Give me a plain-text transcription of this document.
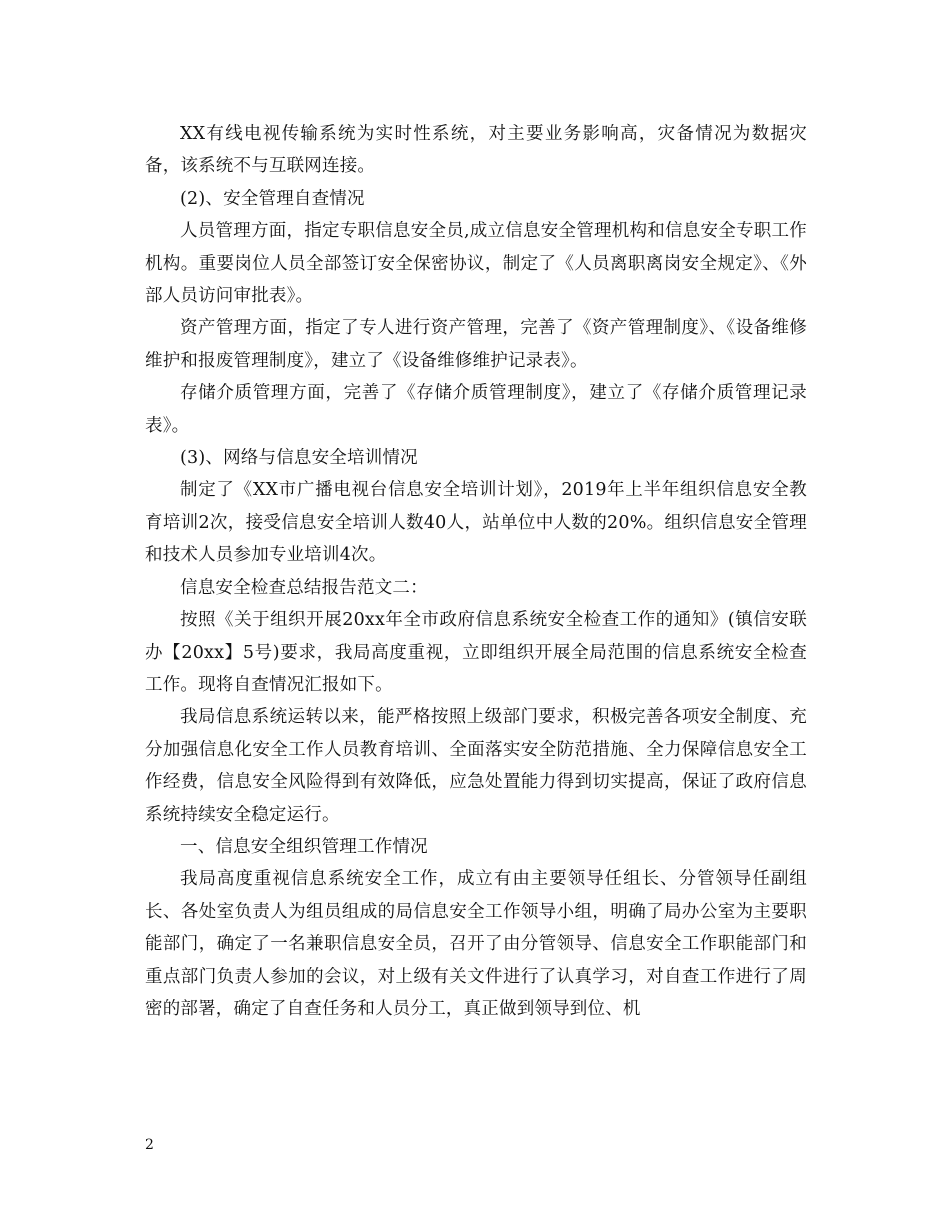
XX有线电视传输系统为实时性系统，对主要业务影响高，灾备情况为数据灾备，该系统不与互联网连接。

(2)、安全管理自查情况

人员管理方面，指定专职信息安全员,成立信息安全管理机构和信息安全专职工作机构。重要岗位人员全部签订安全保密协议，制定了《人员离职离岗安全规定》、《外部人员访问审批表》。

资产管理方面，指定了专人进行资产管理，完善了《资产管理制度》、《设备维修维护和报废管理制度》，建立了《设备维修维护记录表》。

存储介质管理方面，完善了《存储介质管理制度》，建立了《存储介质管理记录表》。

(3)、网络与信息安全培训情况

制定了《XX市广播电视台信息安全培训计划》，2019年上半年组织信息安全教育培训2次，接受信息安全培训人数40人，站单位中人数的20%。组织信息安全管理和技术人员参加专业培训4次。

信息安全检查总结报告范文二：

按照《关于组织开展20xx年全市政府信息系统安全检查工作的通知》(镇信安联办【20xx】5号)要求，我局高度重视，立即组织开展全局范围的信息系统安全检查工作。现将自查情况汇报如下。

我局信息系统运转以来，能严格按照上级部门要求，积极完善各项安全制度、充分加强信息化安全工作人员教育培训、全面落实安全防范措施、全力保障信息安全工作经费，信息安全风险得到有效降低，应急处置能力得到切实提高，保证了政府信息系统持续安全稳定运行。

一、信息安全组织管理工作情况

我局高度重视信息系统安全工作，成立有由主要领导任组长、分管领导任副组长、各处室负责人为组员组成的局信息安全工作领导小组，明确了局办公室为主要职能部门，确定了一名兼职信息安全员，召开了由分管领导、信息安全工作职能部门和重点部门负责人参加的会议，对上级有关文件进行了认真学习，对自查工作进行了周密的部署，确定了自查任务和人员分工，真正做到领导到位、机

2
